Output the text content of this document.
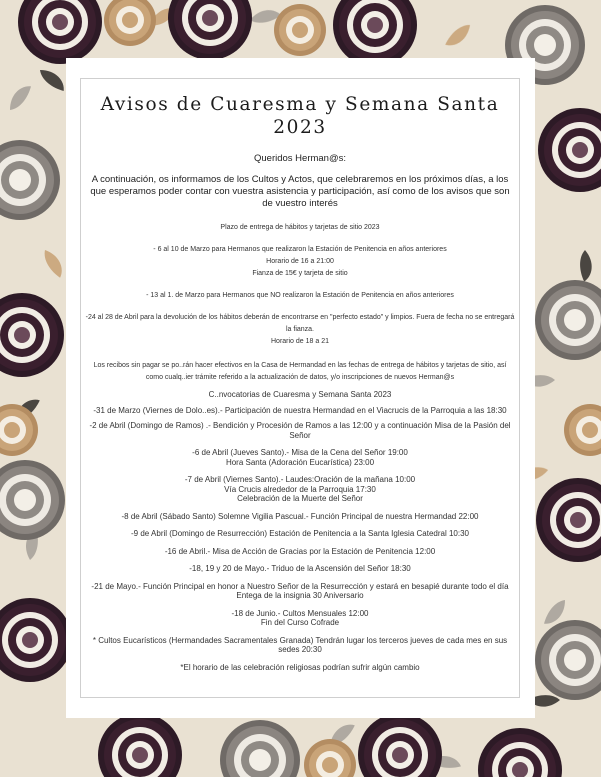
Avisos de Cuaresma y Semana Santa
2023
Queridos Herman@s:
A continuación, os informamos de los Cultos y Actos, que celebraremos en los próximos días, a los que esperamos poder contar con vuestra asistencia y participación, así como de los avisos que son de vuestro interés
Plazo de entrega de hábitos y tarjetas de sitio 2023
- 6 al 10 de Marzo para Hermanos que realizaron la Estación de Penitencia en años anteriores
Horario de 16 a 21:00
Fianza de 15€ y tarjeta de sitio
- 13 al 1. de Marzo para Hermanos que NO realizaron la Estación de Penitencia en años anteriores
-24 al 28 de Abril para la devolución de los hábitos deberán de encontrarse en "perfecto estado" y limpios. Fuera de fecha no se entregará la fianza.
Horario de 18 a 21
Los recibos sin pagar se po..rán hacer efectivos en la Casa de Hermandad en las fechas de entrega de hábitos y tarjetas de sitio, así como cualq..ier trámite referido a la actualización de datos, y/o inscripciones de nuevos Herman@s
C..nvocatorias de Cuaresma y Semana Santa 2023
-31 de Marzo (Viernes de Dolo..es).- Participación de nuestra Hermandad en el Viacrucis de la Parroquia a las 18:30
-2 de Abril (Domingo de Ramos) .- Bendición y Procesión de Ramos a las 12:00 y a continuación Misa de la Pasión del Señor
-6 de Abril (Jueves Santo).- Misa de la Cena del Señor 19:00
Hora Santa (Adoración Eucarística) 23:00
-7 de Abril (Viernes Santo).- Laudes:Oración de la mañana 10:00
Vía Crucis alrededor de la Parroquia 17:30
Celebración de la Muerte del Señor
-8 de Abril (Sábado Santo) Solemne Vigilia Pascual.- Función Principal de nuestra Hermandad 22:00
-9 de Abril (Domingo de Resurrección) Estación de Penitencia a la Santa Iglesia Catedral 10:30
-16 de Abril.- Misa de Acción de Gracias por la Estación de Penitencia 12:00
-18, 19 y 20 de Mayo.- Triduo de la Ascensión del Señor 18:30
-21 de Mayo.- Función Principal en honor a Nuestro Señor de la Resurrección y estará en besapié durante todo el día
Entega de la insignia 30 Aniversario
-18 de Junio.- Cultos Mensuales 12:00
Fin del Curso Cofrade
* Cultos Eucarísticos (Hermandades Sacramentales Granada) Tendrán lugar los terceros jueves de cada mes en sus sedes 20:30
*El horario de las celebración religiosas podrían sufrir algún cambio
